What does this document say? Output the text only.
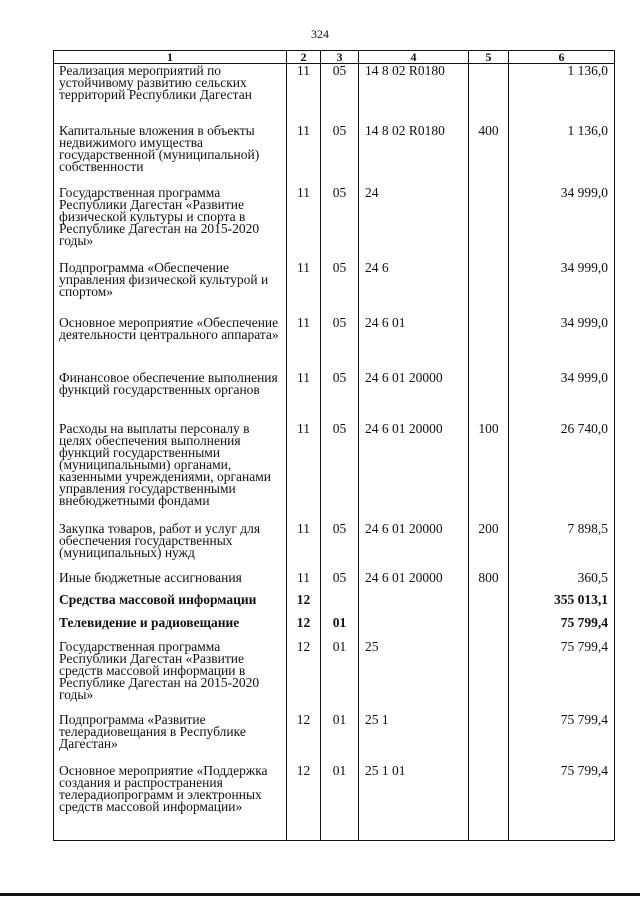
324
1	2	3	4	5	6
Реализация мероприятий по устойчивому развитию сельских территорий Республики Дагестан	11	05	14 8 02 R0180		1 136,0
Капитальные вложения в объекты недвижимого имущества государственной (муниципальной) собственности	11	05	14 8 02 R0180	400	1 136,0
Государственная программа Республики Дагестан «Развитие физической культуры и спорта в Республике Дагестан на 2015-2020 годы»	11	05	24		34 999,0
Подпрограмма «Обеспечение управления физической культурой и спортом»	11	05	24 6		34 999,0
Основное мероприятие «Обеспечение деятельности центрального аппарата»	11	05	24 6 01		34 999,0
Финансовое обеспечение выполнения функций государственных органов	11	05	24 6 01 20000		34 999,0
Расходы на выплаты персоналу в целях обеспечения выполнения функций государственными (муниципальными) органами, казенными учреждениями, органами управления государственными внебюджетными фондами	11	05	24 6 01 20000	100	26 740,0
Закупка товаров, работ и услуг для обеспечения государственных (муниципальных) нужд	11	05	24 6 01 20000	200	7 898,5
Иные бюджетные ассигнования	11	05	24 6 01 20000	800	360,5
Средства массовой информации	12				355 013,1
Телевидение и радиовещание	12	01			75 799,4
Государственная программа Республики Дагестан «Развитие средств массовой информации в Республике Дагестан на 2015-2020 годы»	12	01	25		75 799,4
Подпрограмма «Развитие телерадиовещания в Республике Дагестан»	12	01	25 1		75 799,4
Основное мероприятие «Поддержка создания и распространения телерадиопрограмм и электронных средств массовой информации»	12	01	25 1 01		75 799,4
